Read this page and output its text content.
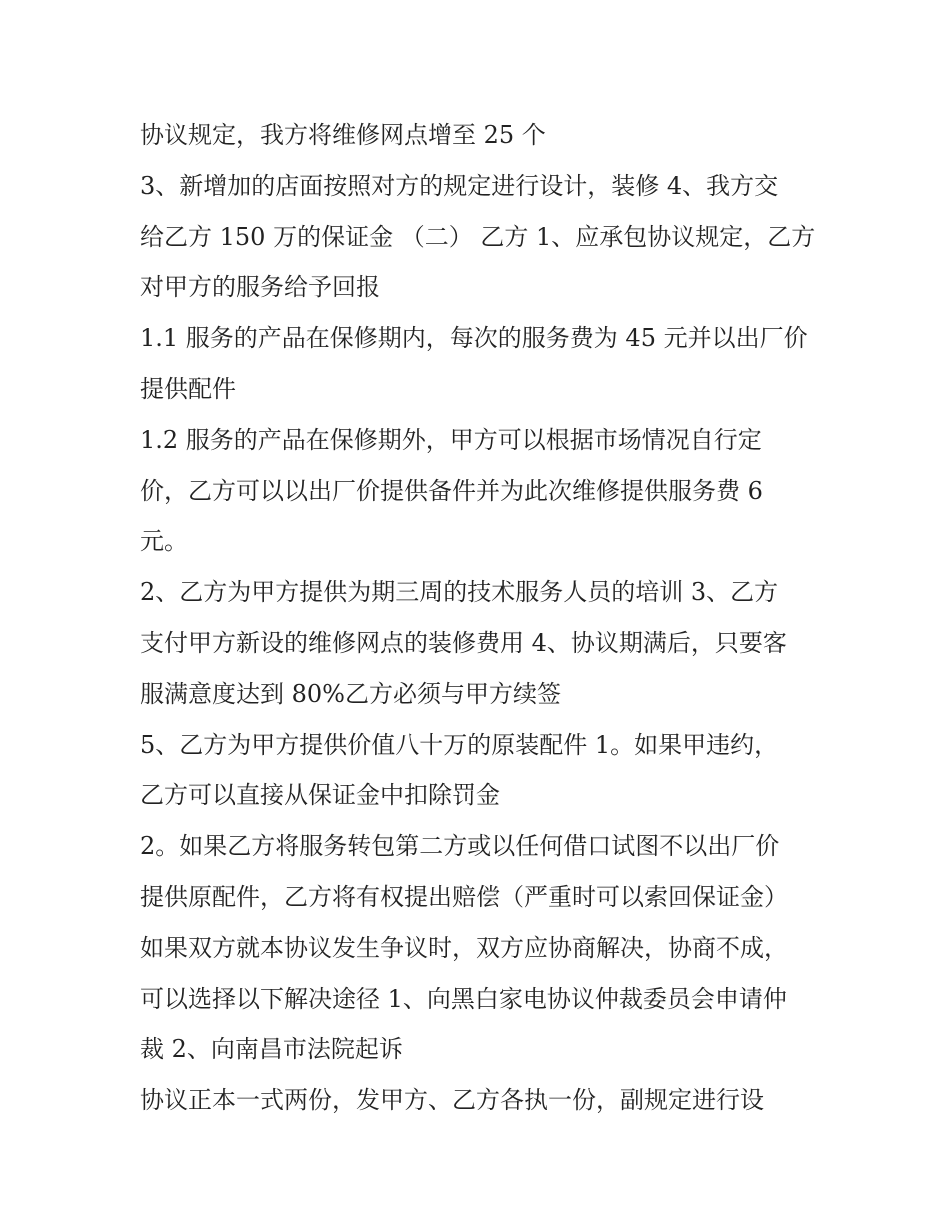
协议规定，我方将维修网点增至 25 个
3、新增加的店面按照对方的规定进行设计，装修 4、我方交
给乙方 150 万的保证金 （二） 乙方 1、应承包协议规定，乙方
对甲方的服务给予回报
1.1 服务的产品在保修期内，每次的服务费为 45 元并以出厂价
提供配件
1.2 服务的产品在保修期外，甲方可以根据市场情况自行定
价，乙方可以以出厂价提供备件并为此次维修提供服务费 6
元。
2、乙方为甲方提供为期三周的技术服务人员的培训 3、乙方
支付甲方新设的维修网点的装修费用 4、协议期满后，只要客
服满意度达到 80%乙方必须与甲方续签
5、乙方为甲方提供价值八十万的原装配件 1。如果甲违约，
乙方可以直接从保证金中扣除罚金
2。如果乙方将服务转包第二方或以任何借口试图不以出厂价
提供原配件，乙方将有权提出赔偿（严重时可以索回保证金）
如果双方就本协议发生争议时，双方应协商解决，协商不成，
可以选择以下解决途径 1、向黑白家电协议仲裁委员会申请仲
裁 2、向南昌市法院起诉
协议正本一式两份，发甲方、乙方各执一份，副规定进行设
